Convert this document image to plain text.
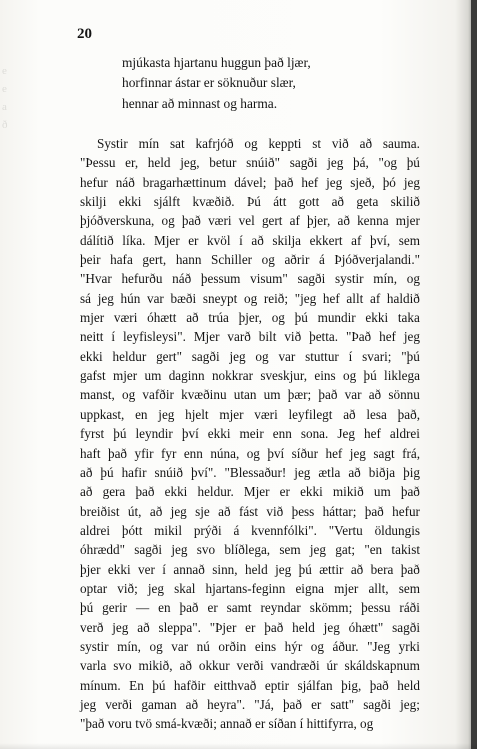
e
e
a
ð
20
mjúkasta hjartanu huggun það ljær,
horfinnar ástar er söknuður slær,
hennar að minnast og harma.
Systir mín sat kafrjóð og keppti st við að sauma.
"Þessu er, held jeg, betur snúið" sagði jeg þá, "og þú
hefur náð bragarhættinum dável; það hef jeg sjeð, þó jeg
skilji ekki sjálft kvæðið. Þú átt gott að geta skilið
þjóðverskuna, og það væri vel gert af þjer, að kenna mjer
dálítið líka. Mjer er kvöl í að skilja ekkert af því, sem
þeir hafa gert, hann Schiller og aðrir á Þjóðverjalandi."
"Hvar hefurðu náð þessum visum" sagði systir mín, og
sá jeg hún var bæði sneypt og reið; "jeg hef allt af haldið
mjer væri óhætt að trúa þjer, og þú mundir ekki taka
neitt í leyfisleysi". Mjer varð bilt við þetta. "Það hef jeg
ekki heldur gert" sagði jeg og var stuttur í svari; "þú
gafst mjer um daginn nokkrar sveskjur, eins og þú liklega
manst, og vafðir kvæðinu utan um þær; það var að sönnu
uppkast, en jeg hjelt mjer væri leyfilegt að lesa það,
fyrst þú leyndir því ekki meir enn sona. Jeg hef aldrei
haft það yfir fyr enn núna, og því síður hef jeg sagt frá,
að þú hafir snúið því". "Blessaður! jeg ætla að biðja þig
að gera það ekki heldur. Mjer er ekki mikið um það
breiðist út, að jeg sje að fást við þess háttar; það hefur
aldrei þótt mikil prýði á kvennfólki". "Vertu öldungis
óhrædd" sagði jeg svo blíðlega, sem jeg gat; "en takist
þjer ekki ver í annað sinn, held jeg þú ættir að bera það
optar við; jeg skal hjartans-feginn eigna mjer allt, sem
þú gerir — en það er samt reyndar skömm; þessu ráði
verð jeg að sleppa". "Þjer er það held jeg óhætt" sagði
systir mín, og var nú orðin eins hýr og áður. "Jeg yrki
varla svo mikið, að okkur verði vandræði úr skáldskapnum
mínum. En þú hafðir eitthvað eptir sjálfan þig, það held
jeg verði gaman að heyra". "Já, það er satt" sagði jeg;
"það voru tvö smá-kvæði; annað er síðan í hittifyrra, og
